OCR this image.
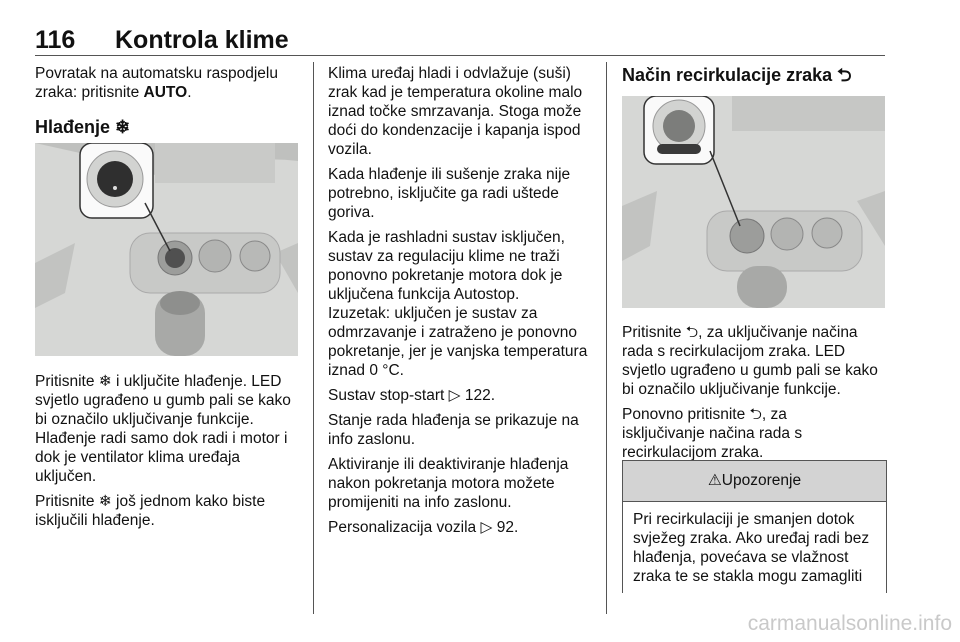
116 Kontrola klime
Povratak na automatsku raspodjelu
zraka: pritisnite AUTO.
Hlađenje ❄

Pritisnite ❄ i uključite hlađenje. LED
svjetlo ugrađeno u gumb pali se kako
bi označilo uključivanje funkcije.
Hlađenje radi samo dok radi i motor i
dok je ventilator klima uređaja
uključen.

Pritisnite ❄ još jednom kako biste
isključili hlađenje.

Klima uređaj hladi i odvlažuje (suši)
zrak kad je temperatura okoline malo
iznad točke smrzavanja. Stoga može
doći do kondenzacije i kapanja ispod
vozila.

Kada hlađenje ili sušenje zraka nije
potrebno, isključite ga radi uštede
goriva.

Kada je rashladni sustav isključen,
sustav za regulaciju klime ne traži
ponovno pokretanje motora dok je
uključena funkcija Autostop.
Izuzetak: uključen je sustav za
odmrzavanje i zatraženo je ponovno
pokretanje, jer je vanjska temperatura
iznad 0 °C.

Sustav stop-start ▷ 122.

Stanje rada hlađenja se prikazuje na
info zaslonu.

Aktiviranje ili deaktiviranje hlađenja
nakon pokretanja motora možete
promijeniti na info zaslonu.

Personalizacija vozila ▷ 92.

Način recirkulacije zraka ⮌

Pritisnite ⮌, za uključivanje načina
rada s recirkulacijom zraka. LED
svjetlo ugrađeno u gumb pali se kako
bi označilo uključivanje funkcije.

Ponovno pritisnite ⮌, za
isključivanje načina rada s
recirkulacijom zraka.

⚠Upozorenje
Pri recirkulaciji je smanjen dotok
svježeg zraka. Ako uređaj radi bez
hlađenja, povećava se vlažnost
zraka te se stakla mogu zamagliti
carmanualsonline.info
